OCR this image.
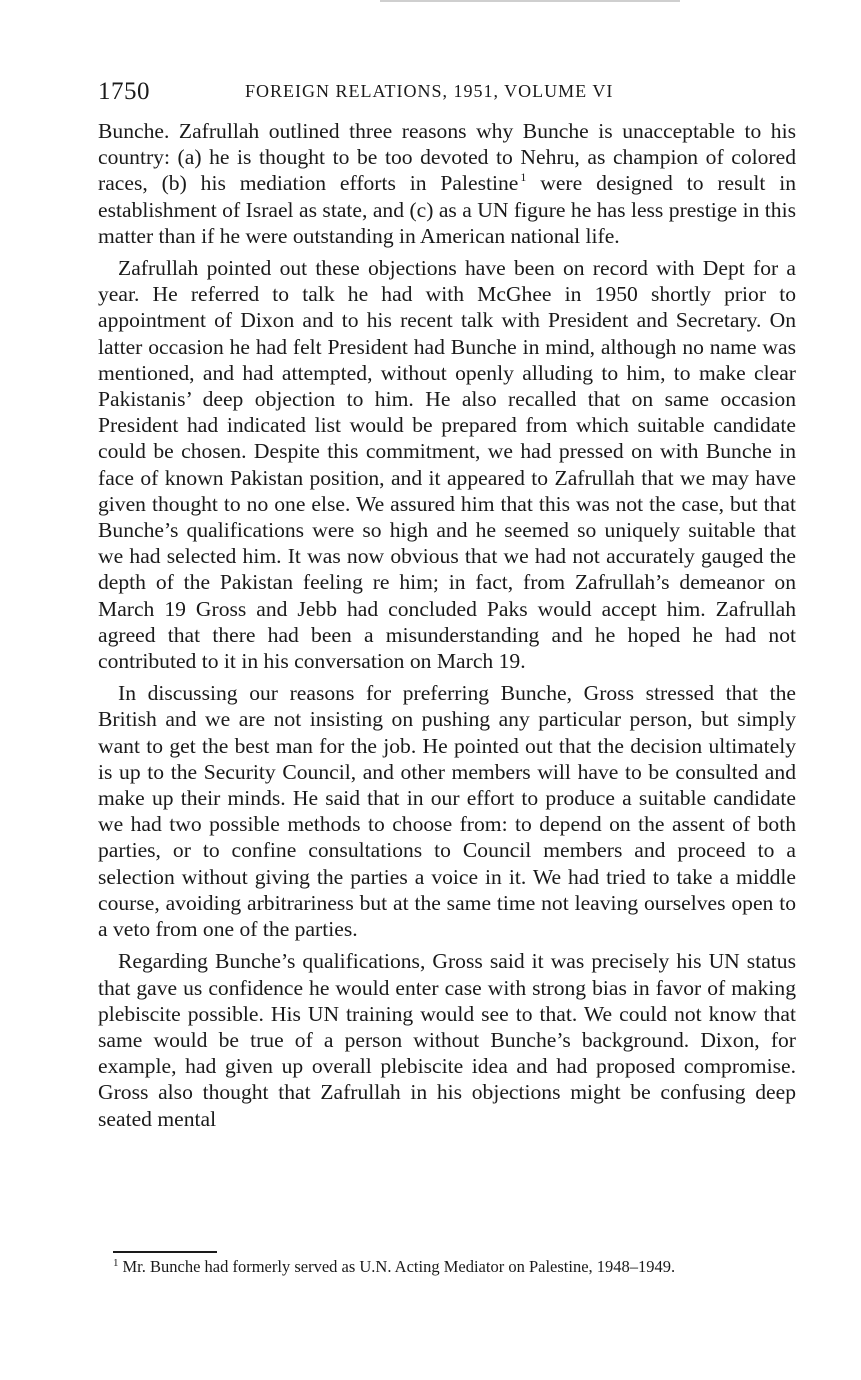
1750	FOREIGN RELATIONS, 1951, VOLUME VI

Bunche. Zafrullah outlined three reasons why Bunche is unacceptable to his country: (a) he is thought to be too devoted to Nehru, as champion of colored races, (b) his mediation efforts in Palestine $^1$ were designed to result in establishment of Israel as state, and (c) as a UN figure he has less prestige in this matter than if he were outstanding in American national life.

Zafrullah pointed out these objections have been on record with Dept for a year. He referred to talk he had with McGhee in 1950 shortly prior to appointment of Dixon and to his recent talk with President and Secretary. On latter occasion he had felt President had Bunche in mind, although no name was mentioned, and had attempted, without openly alluding to him, to make clear Pakistanis’ deep objection to him. He also recalled that on same occasion President had indicated list would be prepared from which suitable candidate could be chosen. Despite this commitment, we had pressed on with Bunche in face of known Pakistan position, and it appeared to Zafrullah that we may have given thought to no one else. We assured him that this was not the case, but that Bunche’s qualifications were so high and he seemed so uniquely suitable that we had selected him. It was now obvious that we had not accurately gauged the depth of the Pakistan feeling re him; in fact, from Zafrullah’s demeanor on March 19 Gross and Jebb had concluded Paks would accept him. Zafrullah agreed that there had been a misunderstanding and he hoped he had not contributed to it in his conversation on March 19.

In discussing our reasons for preferring Bunche, Gross stressed that the British and we are not insisting on pushing any particular person, but simply want to get the best man for the job. He pointed out that the decision ultimately is up to the Security Council, and other members will have to be consulted and make up their minds. He said that in our effort to produce a suitable candidate we had two possible methods to choose from: to depend on the assent of both parties, or to confine consultations to Council members and proceed to a selection without giving the parties a voice in it. We had tried to take a middle course, avoiding arbitrariness but at the same time not leaving ourselves open to a veto from one of the parties.

Regarding Bunche’s qualifications, Gross said it was precisely his UN status that gave us confidence he would enter case with strong bias in favor of making plebiscite possible. His UN training would see to that. We could not know that same would be true of a person without Bunche’s background. Dixon, for example, had given up overall plebiscite idea and had proposed compromise. Gross also thought that Zafrullah in his objections might be confusing deep seated mental

$^1$ Mr. Bunche had formerly served as U.N. Acting Mediator on Palestine, 1948–1949.
